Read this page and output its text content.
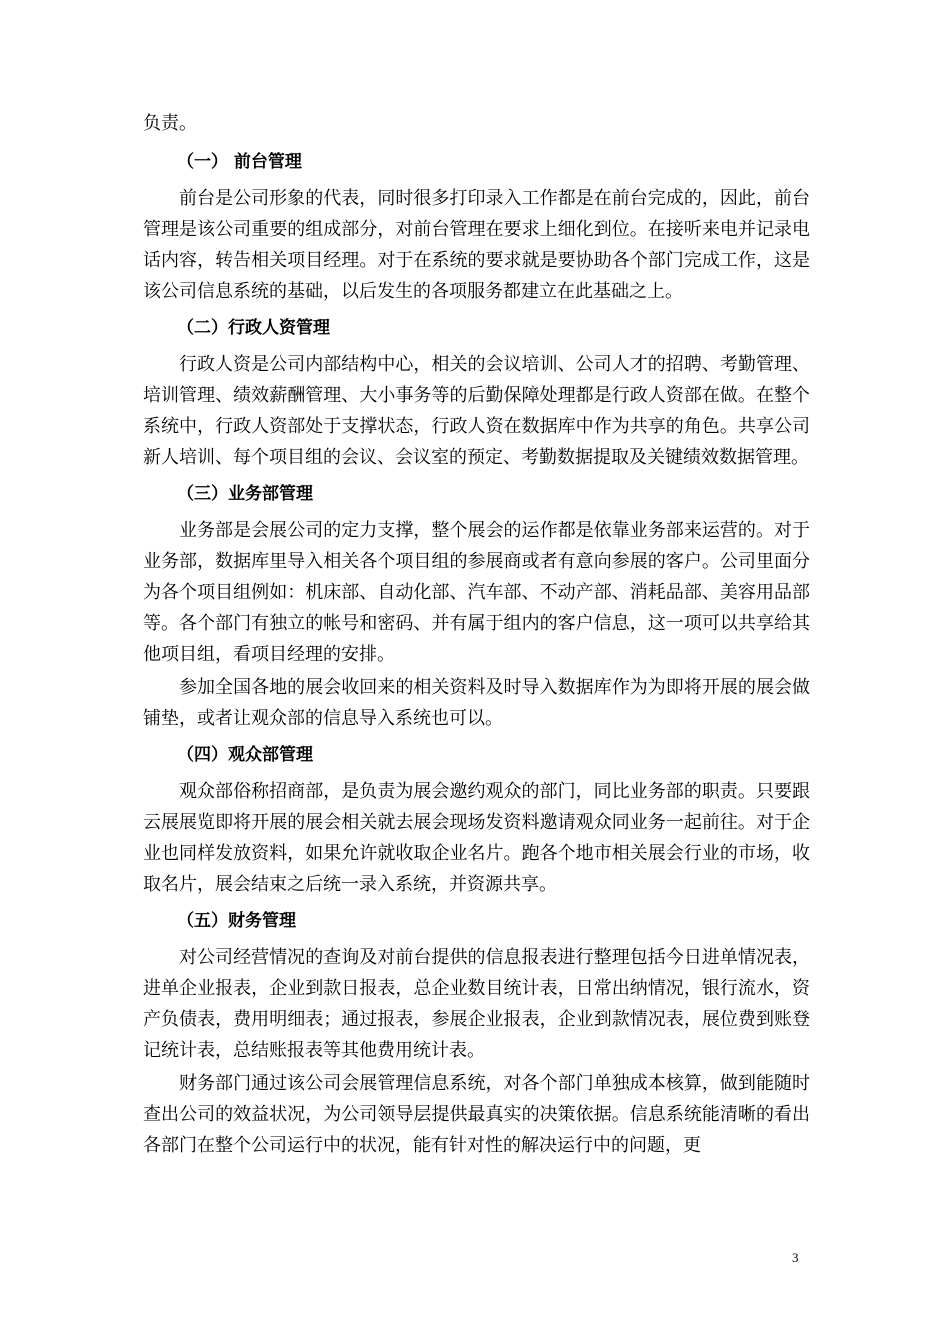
负责。

（一） 前台管理

前台是公司形象的代表，同时很多打印录入工作都是在前台完成的，因此，前台管理是该公司重要的组成部分，对前台管理在要求上细化到位。在接听来电并记录电话内容，转告相关项目经理。对于在系统的要求就是要协助各个部门完成工作，这是该公司信息系统的基础，以后发生的各项服务都建立在此基础之上。

（二）行政人资管理

行政人资是公司内部结构中心，相关的会议培训、公司人才的招聘、考勤管理、培训管理、绩效薪酬管理、大小事务等的后勤保障处理都是行政人资部在做。在整个系统中，行政人资部处于支撑状态，行政人资在数据库中作为共享的角色。共享公司新人培训、每个项目组的会议、会议室的预定、考勤数据提取及关键绩效数据管理。

（三）业务部管理

业务部是会展公司的定力支撑，整个展会的运作都是依靠业务部来运营的。对于业务部，数据库里导入相关各个项目组的参展商或者有意向参展的客户。公司里面分为各个项目组例如：机床部、自动化部、汽车部、不动产部、消耗品部、美容用品部等。各个部门有独立的帐号和密码、并有属于组内的客户信息，这一项可以共享给其他项目组，看项目经理的安排。

参加全国各地的展会收回来的相关资料及时导入数据库作为为即将开展的展会做铺垫，或者让观众部的信息导入系统也可以。

（四）观众部管理

观众部俗称招商部，是负责为展会邀约观众的部门，同比业务部的职责。只要跟云展展览即将开展的展会相关就去展会现场发资料邀请观众同业务一起前往。对于企业也同样发放资料，如果允许就收取企业名片。跑各个地市相关展会行业的市场，收取名片，展会结束之后统一录入系统，并资源共享。

（五）财务管理

对公司经营情况的查询及对前台提供的信息报表进行整理包括今日进单情况表，进单企业报表，企业到款日报表，总企业数目统计表，日常出纳情况，银行流水，资产负债表，费用明细表；通过报表，参展企业报表，企业到款情况表，展位费到账登记统计表，总结账报表等其他费用统计表。

财务部门通过该公司会展管理信息系统，对各个部门单独成本核算，做到能随时查出公司的效益状况，为公司领导层提供最真实的决策依据。信息系统能清晰的看出各部门在整个公司运行中的状况，能有针对性的解决运行中的问题，更

3
